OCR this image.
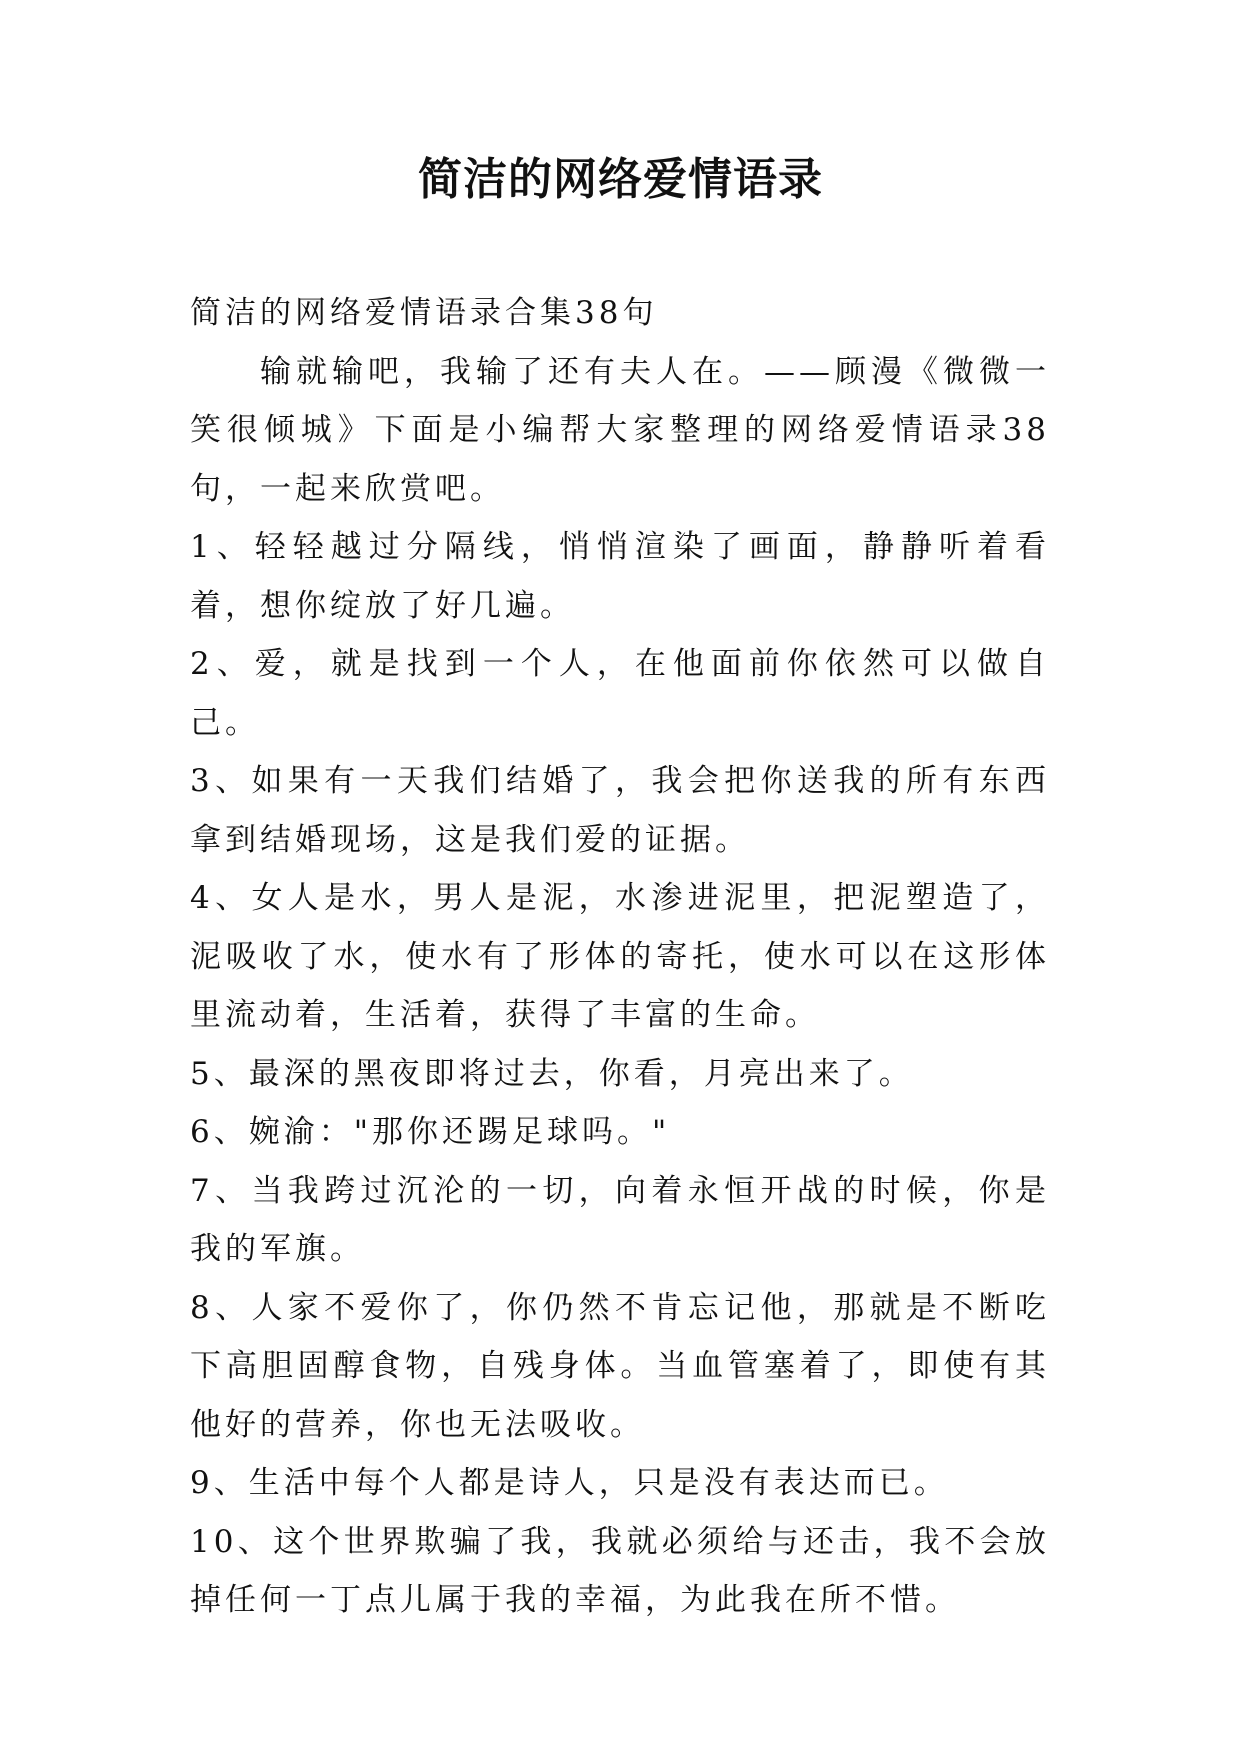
简洁的网络爱情语录

简洁的网络爱情语录合集38句

输就输吧，我输了还有夫人在。——顾漫《微微一笑很倾城》下面是小编帮大家整理的网络爱情语录38句，一起来欣赏吧。

1、轻轻越过分隔线，悄悄渲染了画面，静静听着看着，想你绽放了好几遍。

2、爱，就是找到一个人，在他面前你依然可以做自己。

3、如果有一天我们结婚了，我会把你送我的所有东西拿到结婚现场，这是我们爱的证据。

4、女人是水，男人是泥，水渗进泥里，把泥塑造了，泥吸收了水，使水有了形体的寄托，使水可以在这形体里流动着，生活着，获得了丰富的生命。

5、最深的黑夜即将过去，你看，月亮出来了。

6、婉渝："那你还踢足球吗。"

7、当我跨过沉沦的一切，向着永恒开战的时候，你是我的军旗。

8、人家不爱你了，你仍然不肯忘记他，那就是不断吃下高胆固醇食物，自残身体。当血管塞着了，即使有其他好的营养，你也无法吸收。

9、生活中每个人都是诗人，只是没有表达而已。

10、这个世界欺骗了我，我就必须给与还击，我不会放掉任何一丁点儿属于我的幸福，为此我在所不惜。
